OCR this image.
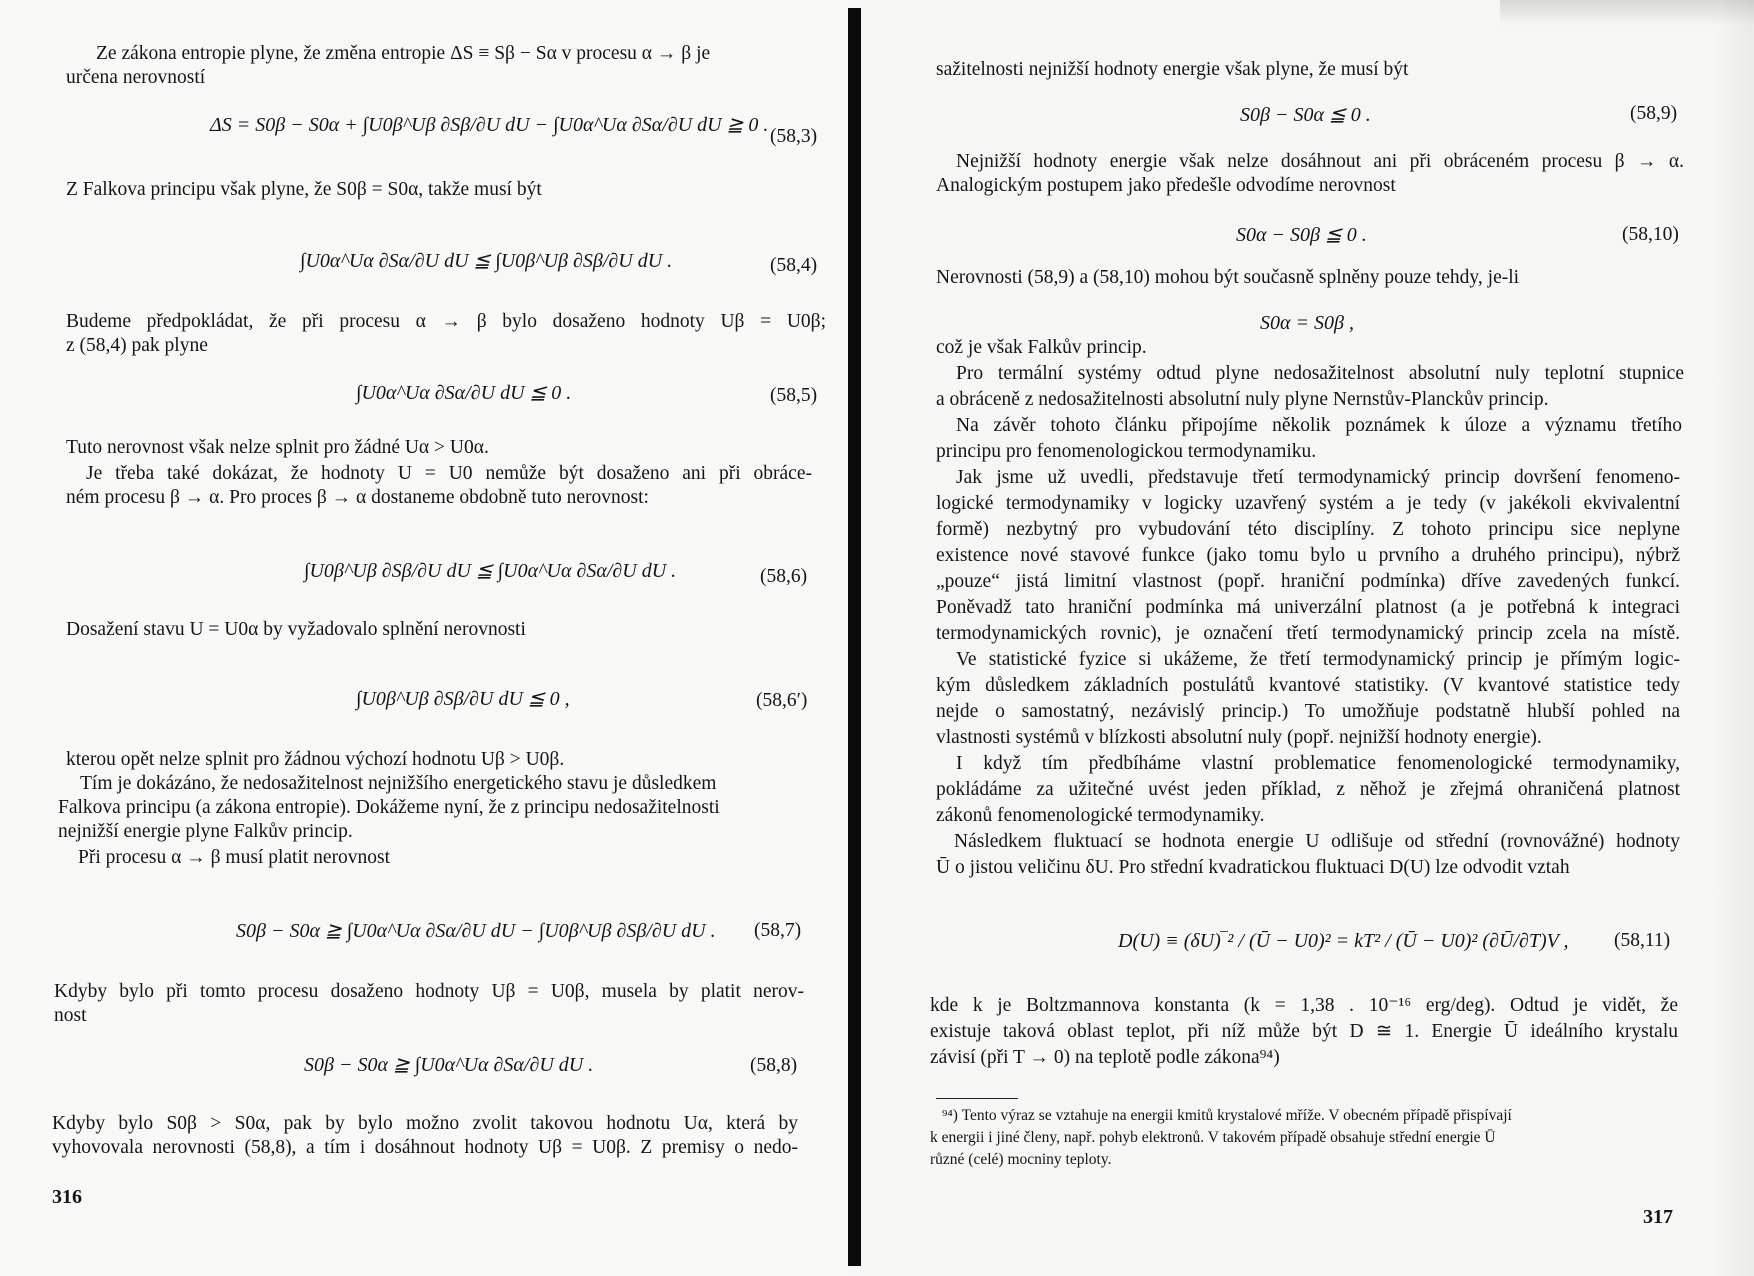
Ze zákona entropie plyne, že změna entropie ΔS ≡ Sβ − Sα v procesu α → β je
určena nerovností
ΔS = S0β − S0α + ∫U0β^Uβ ∂Sβ/∂U dU − ∫U0α^Uα ∂Sα/∂U dU ≧ 0 .
(58,3)
Z Falkova principu však plyne, že S0β = S0α, takže musí být
∫U0α^Uα ∂Sα/∂U dU ≦ ∫U0β^Uβ ∂Sβ/∂U dU .	(58,4)
Budeme předpokládat, že při procesu α → β bylo dosaženo hodnoty Uβ = U0β;
z (58,4) pak plyne
∫U0α^Uα ∂Sα/∂U dU ≦ 0 .	(58,5)
Tuto nerovnost však nelze splnit pro žádné Uα > U0α.
Je třeba také dokázat, že hodnoty U = U0 nemůže být dosaženo ani při obráce-
ném procesu β → α. Pro proces β → α dostaneme obdobně tuto nerovnost:
∫U0β^Uβ ∂Sβ/∂U dU ≦ ∫U0α^Uα ∂Sα/∂U dU .	(58,6)
Dosažení stavu U = U0α by vyžadovalo splnění nerovnosti
∫U0β^Uβ ∂Sβ/∂U dU ≦ 0 ,	(58,6′)
kterou opět nelze splnit pro žádnou výchozí hodnotu Uβ > U0β.
Tím je dokázáno, že nedosažitelnost nejnižšího energetického stavu je důsledkem
Falkova principu (a zákona entropie). Dokážeme nyní, že z principu nedosažitelnosti
nejnižší energie plyne Falkův princip.
Při procesu α → β musí platit nerovnost
S0β − S0α ≧ ∫U0α^Uα ∂Sα/∂U dU − ∫U0β^Uβ ∂Sβ/∂U dU . (58,7)
Kdyby bylo při tomto procesu dosaženo hodnoty Uβ = U0β, musela by platit nerov-
nost
S0β − S0α ≧ ∫U0α^Uα ∂Sα/∂U dU .	(58,8)
Kdyby bylo S0β > S0α, pak by bylo možno zvolit takovou hodnotu Uα, která by
vyhovovala nerovnosti (58,8), a tím i dosáhnout hodnoty Uβ = U0β. Z premisy o nedo-
316
sažitelnosti nejnižší hodnoty energie však plyne, že musí být
S0β − S0α ≦ 0 .	(58,9)
Nejnižší hodnoty energie však nelze dosáhnout ani při obráceném procesu β → α.
Analogickým postupem jako předešle odvodíme nerovnost
S0α − S0β ≦ 0 .	(58,10)
Nerovnosti (58,9) a (58,10) mohou být současně splněny pouze tehdy, je-li
S0α = S0β ,
což je však Falkův princip.
Pro termální systémy odtud plyne nedosažitelnost absolutní nuly teplotní stupnice
a obráceně z nedosažitelnosti absolutní nuly plyne Nernstův-Planckův princip.
Na závěr tohoto článku připojíme několik poznámek k úloze a významu třetího
principu pro fenomenologickou termodynamiku.
Jak jsme už uvedli, představuje třetí termodynamický princip dovršení fenomeno-
logické termodynamiky v logicky uzavřený systém a je tedy (v jakékoli ekvivalentní
formě) nezbytný pro vybudování této disciplíny. Z tohoto principu sice neplyne
existence nové stavové funkce (jako tomu bylo u prvního a druhého principu), nýbrž
„pouze“ jistá limitní vlastnost (popř. hraniční podmínka) dříve zavedených funkcí.
Poněvadž tato hraniční podmínka má univerzální platnost (a je potřebná k integraci
termodynamických rovnic), je označení třetí termodynamický princip zcela na místě.
Ve statistické fyzice si ukážeme, že třetí termodynamický princip je přímým logic-
kým důsledkem základních postulátů kvantové statistiky. (V kvantové statistice tedy
nejde o samostatný, nezávislý princip.) To umožňuje podstatně hlubší pohled na
vlastnosti systémů v blízkosti absolutní nuly (popř. nejnižší hodnoty energie).
I když tím předbíháme vlastní problematice fenomenologické termodynamiky,
pokládáme za užitečné uvést jeden příklad, z něhož je zřejmá ohraničená platnost
zákonů fenomenologické termodynamiky.
Následkem fluktuací se hodnota energie U odlišuje od střední (rovnovážné) hodnoty
Ū o jistou veličinu δU. Pro střední kvadratickou fluktuaci D(U) lze odvodit vztah
D(U) ≡ (δU)‾² / (Ū − U0)² = kT² / (Ū − U0)² (∂Ū/∂T)V , (58,11)
kde k je Boltzmannova konstanta (k = 1,38 . 10⁻¹⁶ erg/deg). Odtud je vidět, že
existuje taková oblast teplot, při níž může být D ≅ 1. Energie Ū ideálního krystalu
závisí (při T → 0) na teplotě podle zákona⁹⁴)
⁹⁴) Tento výraz se vztahuje na energii kmitů krystalové mříže. V obecném případě přispívají
k energii i jiné členy, např. pohyb elektronů. V takovém případě obsahuje střední energie Ū
různé (celé) mocniny teploty.
317
